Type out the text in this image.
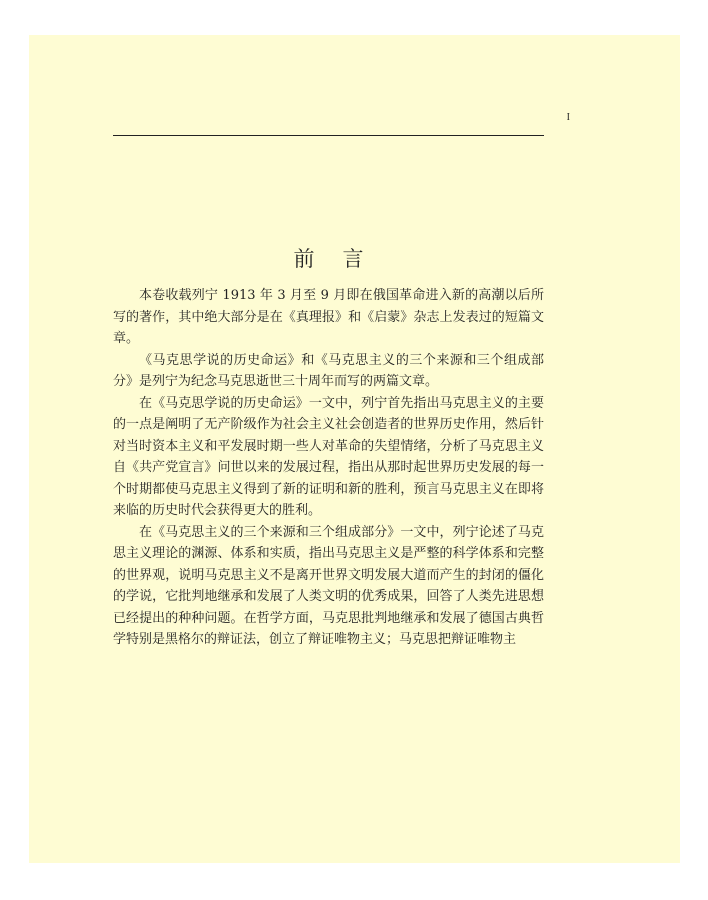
I
前 言

本卷收载列宁 1913 年 3 月至 9 月即在俄国革命进入新的高潮以后所写的著作，其中绝大部分是在《真理报》和《启蒙》杂志上发表过的短篇文章。

《马克思学说的历史命运》和《马克思主义的三个来源和三个组成部分》是列宁为纪念马克思逝世三十周年而写的两篇文章。

在《马克思学说的历史命运》一文中，列宁首先指出马克思主义的主要的一点是阐明了无产阶级作为社会主义社会创造者的世界历史作用，然后针对当时资本主义和平发展时期一些人对革命的失望情绪，分析了马克思主义自《共产党宣言》问世以来的发展过程，指出从那时起世界历史发展的每一个时期都使马克思主义得到了新的证明和新的胜利，预言马克思主义在即将来临的历史时代会获得更大的胜利。

在《马克思主义的三个来源和三个组成部分》一文中，列宁论述了马克思主义理论的渊源、体系和实质，指出马克思主义是严整的科学体系和完整的世界观，说明马克思主义不是离开世界文明发展大道而产生的封闭的僵化的学说，它批判地继承和发展了人类文明的优秀成果，回答了人类先进思想已经提出的种种问题。在哲学方面，马克思批判地继承和发展了德国古典哲学特别是黑格尔的辩证法，创立了辩证唯物主义；马克思把辩证唯物主
